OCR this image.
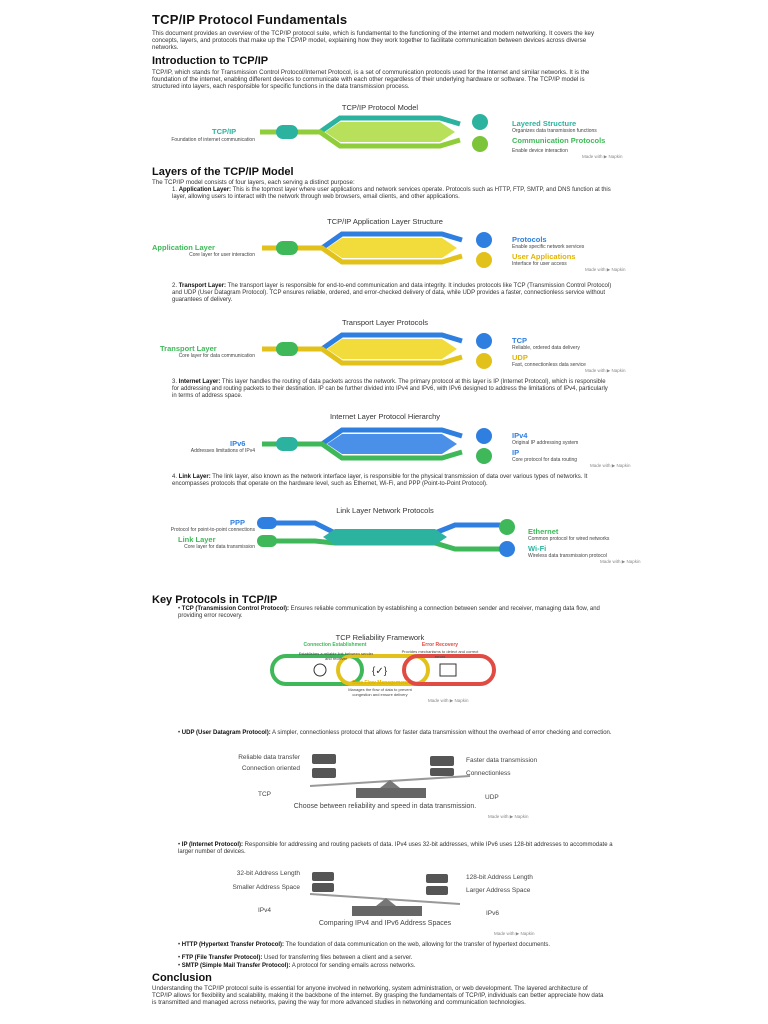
TCP/IP Protocol Fundamentals
This document provides an overview of the TCP/IP protocol suite, which is fundamental to the functioning of the internet and modern networking. It covers the key concepts, layers, and protocols that make up the TCP/IP model, explaining how they work together to facilitate communication between devices across diverse networks.
Introduction to TCP/IP
TCP/IP, which stands for Transmission Control Protocol/Internet Protocol, is a set of communication protocols used for the Internet and similar networks. It is the foundation of the internet, enabling different devices to communicate with each other regardless of their underlying hardware or software. The TCP/IP model is structured into layers, each responsible for specific functions in the data transmission process.
TCP/IP Protocol Model
TCP/IP
Foundation of internet communication
Layered Structure
Organizes data transmission functions
Communication Protocols
Enable device interaction
Made with ▶ Napkin
Layers of the TCP/IP Model
The TCP/IP model consists of four layers, each serving a distinct purpose:
1. Application Layer: This is the topmost layer where user applications and network services operate. Protocols such as HTTP, FTP, SMTP, and DNS function at this layer, allowing users to interact with the network through web browsers, email clients, and other applications.
TCP/IP Application Layer Structure
Application Layer
Core layer for user interaction
Protocols
Enable specific network services
User Applications
Interface for user access
Made with ▶ Napkin
2. Transport Layer: The transport layer is responsible for end-to-end communication and data integrity. It includes protocols like TCP (Transmission Control Protocol) and UDP (User Datagram Protocol). TCP ensures reliable, ordered, and error-checked delivery of data, while UDP provides a faster, connectionless service without guarantees of delivery.
Transport Layer Protocols
Transport Layer
Core layer for data communication
TCP
Reliable, ordered data delivery
UDP
Fast, connectionless data service
Made with ▶ Napkin
3. Internet Layer: This layer handles the routing of data packets across the network. The primary protocol at this layer is IP (Internet Protocol), which is responsible for addressing and routing packets to their destination. IP can be further divided into IPv4 and IPv6, with IPv6 designed to address the limitations of IPv4, particularly in terms of address space.
Internet Layer Protocol Hierarchy
IPv6
Addresses limitations of IPv4
IPv4
Original IP addressing system
IP
Core protocol for data routing
Made with ▶ Napkin
4. Link Layer: The link layer, also known as the network interface layer, is responsible for the physical transmission of data over various types of networks. It encompasses protocols that operate on the hardware level, such as Ethernet, Wi-Fi, and PPP (Point-to-Point Protocol).
Link Layer Network Protocols
PPP
Protocol for point-to-point connections
Link Layer
Core layer for data transmission
Ethernet
Common protocol for wired networks
Wi-Fi
Wireless data transmission protocol
Made with ▶ Napkin
Key Protocols in TCP/IP
• TCP (Transmission Control Protocol): Ensures reliable communication by establishing a connection between sender and receiver, managing data flow, and providing error recovery.
TCP Reliability Framework
{✓}
Connection Establishment
Establishes a reliable link between sender and receiver
Error Recovery
Provides mechanisms to detect and correct errors
Data Flow Management
Manages the flow of data to prevent congestion and ensure delivery
Made with ▶ Napkin
• UDP (User Datagram Protocol): A simpler, connectionless protocol that allows for faster data transmission without the overhead of error checking and correction.
Reliable data transfer
Connection oriented
TCP
Faster data transmission
Connectionless
UDP
Choose between reliability and speed in data transmission.
Made with ▶ Napkin
• IP (Internet Protocol): Responsible for addressing and routing packets of data. IPv4 uses 32-bit addresses, while IPv6 uses 128-bit addresses to accommodate a larger number of devices.
32-bit Address Length
Smaller Address Space
IPv4
128-bit Address Length
Larger Address Space
IPv6
Comparing IPv4 and IPv6 Address Spaces
Made with ▶ Napkin
• HTTP (Hypertext Transfer Protocol): The foundation of data communication on the web, allowing for the transfer of hypertext documents.
• FTP (File Transfer Protocol): Used for transferring files between a client and a server.
• SMTP (Simple Mail Transfer Protocol): A protocol for sending emails across networks.
Conclusion
Understanding the TCP/IP protocol suite is essential for anyone involved in networking, system administration, or web development. The layered architecture of TCP/IP allows for flexibility and scalability, making it the backbone of the internet. By grasping the fundamentals of TCP/IP, individuals can better appreciate how data is transmitted and managed across networks, paving the way for more advanced studies in networking and communication technologies.
